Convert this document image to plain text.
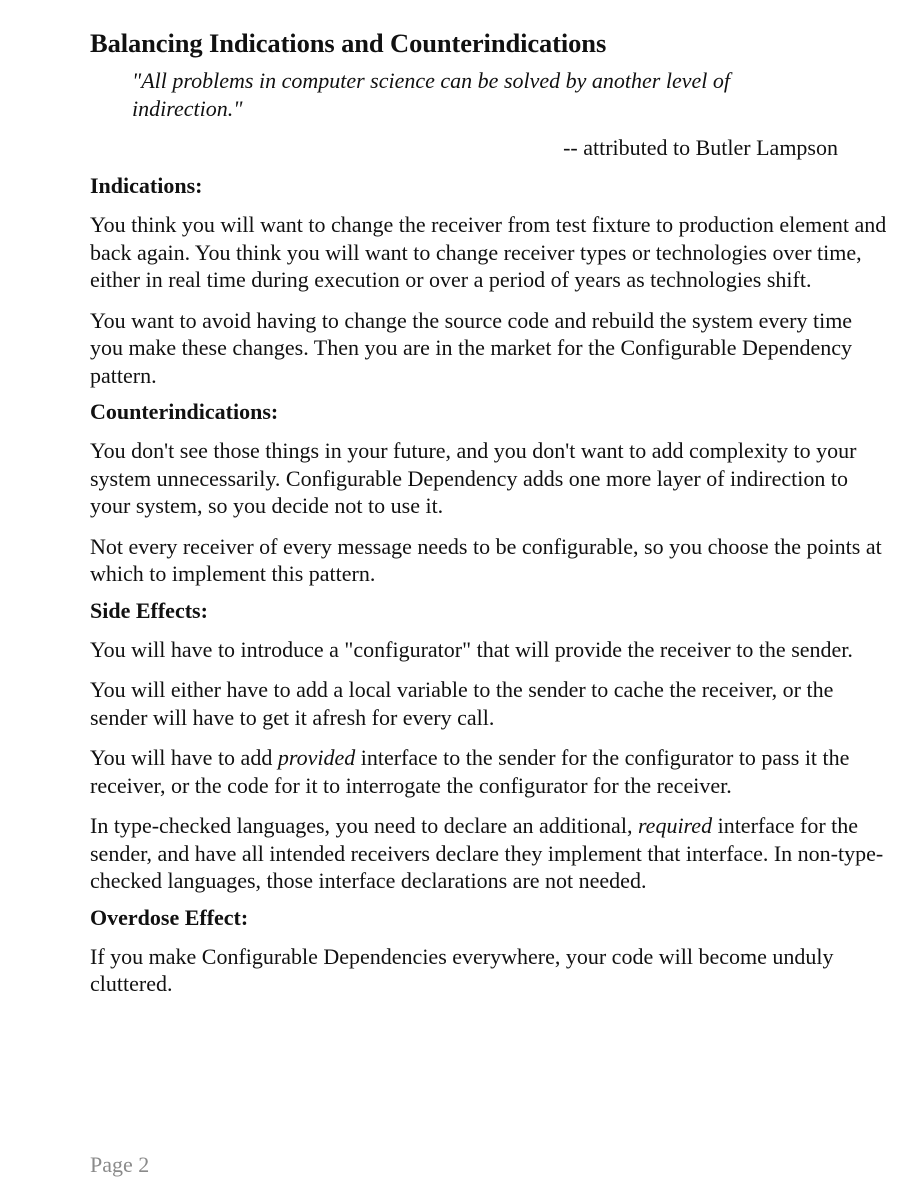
Balancing Indications and Counterindications
"All problems in computer science can be solved by another level of indirection."
-- attributed to Butler Lampson
Indications:

You think you will want to change the receiver from test fixture to production element and back again. You think you will want to change receiver types or technologies over time, either in real time during execution or over a period of years as technologies shift.

You want to avoid having to change the source code and rebuild the system every time you make these changes. Then you are in the market for the Configurable Dependency pattern.

Counterindications:

You don't see those things in your future, and you don't want to add complexity to your system unnecessarily. Configurable Dependency adds one more layer of indirection to your system, so you decide not to use it.

Not every receiver of every message needs to be configurable, so you choose the points at which to implement this pattern.

Side Effects:

You will have to introduce a "configurator" that will provide the receiver to the sender.

You will either have to add a local variable to the sender to cache the receiver, or the sender will have to get it afresh for every call.

You will have to add provided interface to the sender for the configurator to pass it the receiver, or the code for it to interrogate the configurator for the receiver.

In type-checked languages, you need to declare an additional, required interface for the sender, and have all intended receivers declare they implement that interface. In non-type-checked languages, those interface declarations are not needed.

Overdose Effect:

If you make Configurable Dependencies everywhere, your code will become unduly cluttered.

Page 2
